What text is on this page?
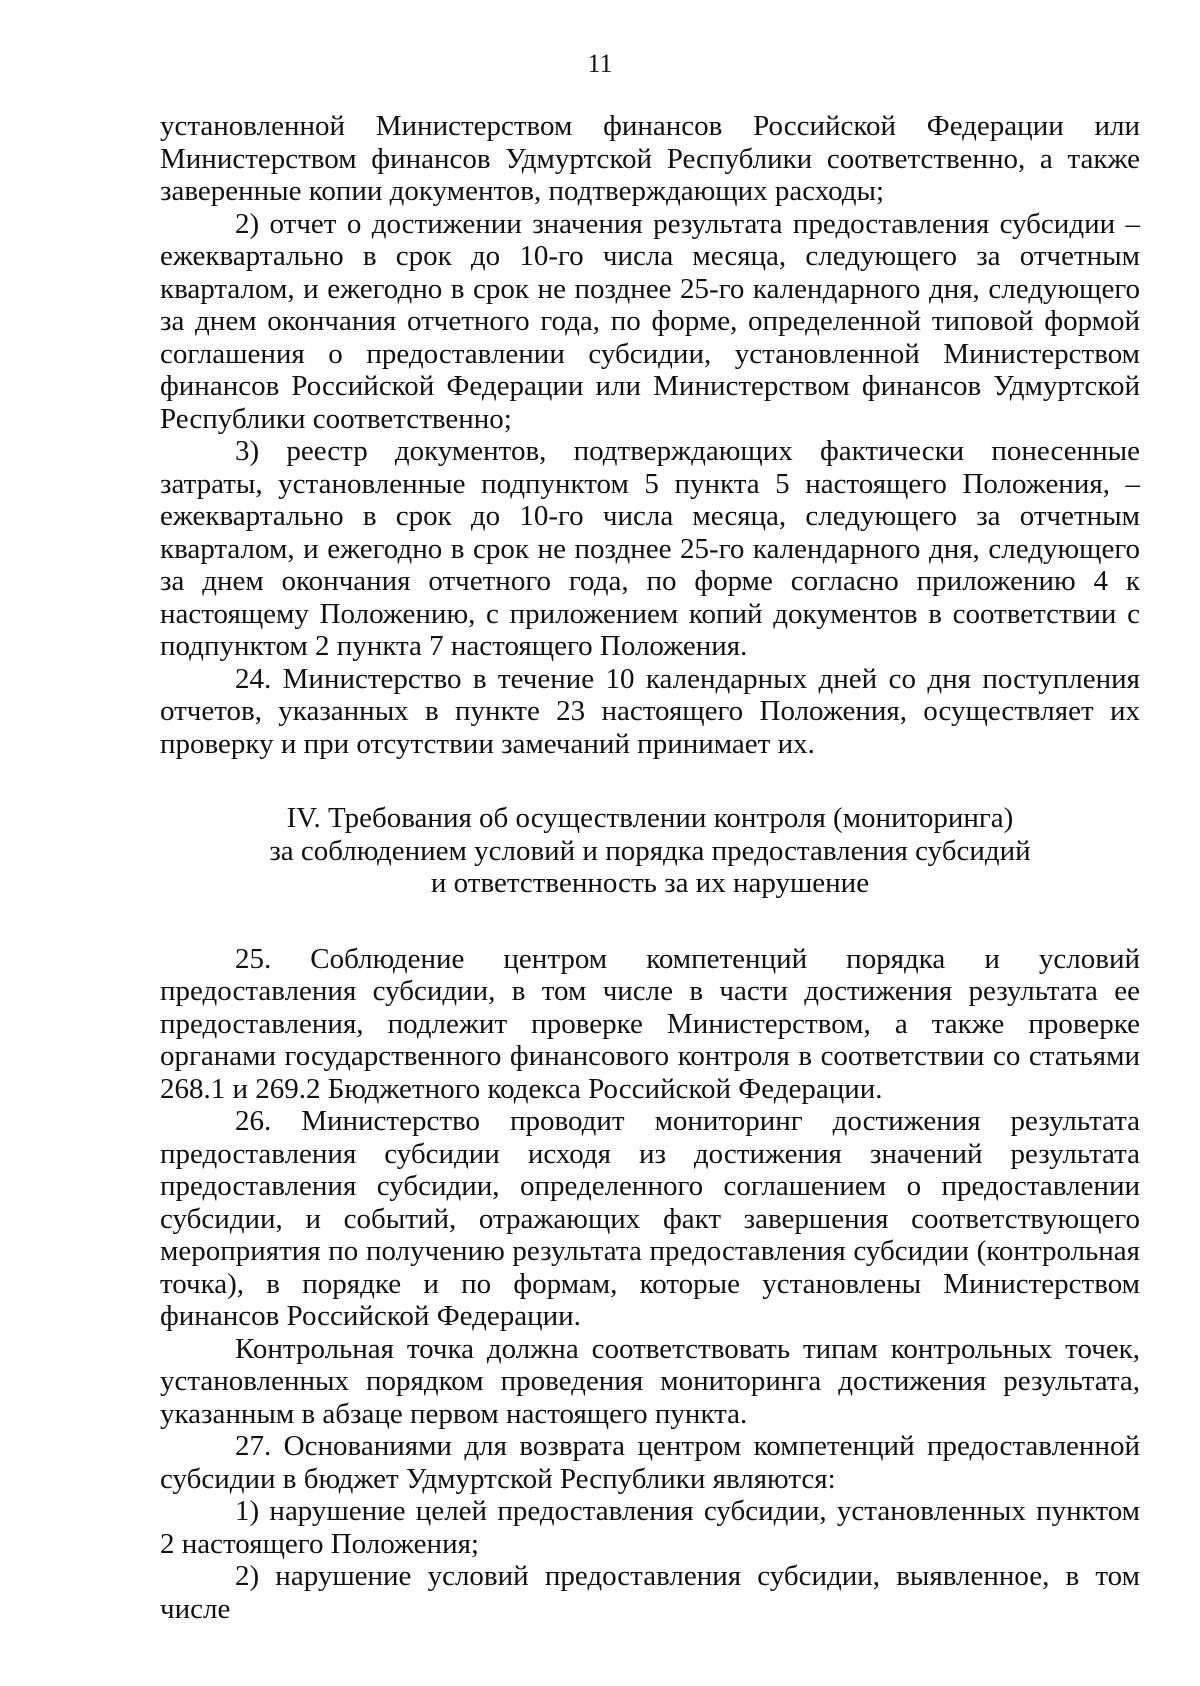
11

установленной Министерством финансов Российской Федерации или Министерством финансов Удмуртской Республики соответственно, а также заверенные копии документов, подтверждающих расходы;

2) отчет о достижении значения результата предоставления субсидии – ежеквартально в срок до 10-го числа месяца, следующего за отчетным кварталом, и ежегодно в срок не позднее 25-го календарного дня, следующего за днем окончания отчетного года, по форме, определенной типовой формой соглашения о предоставлении субсидии, установленной Министерством финансов Российской Федерации или Министерством финансов Удмуртской Республики соответственно;

3) реестр документов, подтверждающих фактически понесенные затраты, установленные подпунктом 5 пункта 5 настоящего Положения, – ежеквартально в срок до 10-го числа месяца, следующего за отчетным кварталом, и ежегодно в срок не позднее 25-го календарного дня, следующего за днем окончания отчетного года, по форме согласно приложению 4 к настоящему Положению, с приложением копий документов в соответствии с подпунктом 2 пункта 7 настоящего Положения.

24. Министерство в течение 10 календарных дней со дня поступления отчетов, указанных в пункте 23 настоящего Положения, осуществляет их проверку и при отсутствии замечаний принимает их.

IV. Требования об осуществлении контроля (мониторинга)
за соблюдением условий и порядка предоставления субсидий
и ответственность за их нарушение

25. Соблюдение центром компетенций порядка и условий предоставления субсидии, в том числе в части достижения результата ее предоставления, подлежит проверке Министерством, а также проверке органами государственного финансового контроля в соответствии со статьями 268.1 и 269.2 Бюджетного кодекса Российской Федерации.

26. Министерство проводит мониторинг достижения результата предоставления субсидии исходя из достижения значений результата предоставления субсидии, определенного соглашением о предоставлении субсидии, и событий, отражающих факт завершения соответствующего мероприятия по получению результата предоставления субсидии (контрольная точка), в порядке и по формам, которые установлены Министерством финансов Российской Федерации.

Контрольная точка должна соответствовать типам контрольных точек, установленных порядком проведения мониторинга достижения результата, указанным в абзаце первом настоящего пункта.

27. Основаниями для возврата центром компетенций предоставленной субсидии в бюджет Удмуртской Республики являются:

1) нарушение целей предоставления субсидии, установленных пунктом 2 настоящего Положения;

2) нарушение условий предоставления субсидии, выявленное, в том числе
